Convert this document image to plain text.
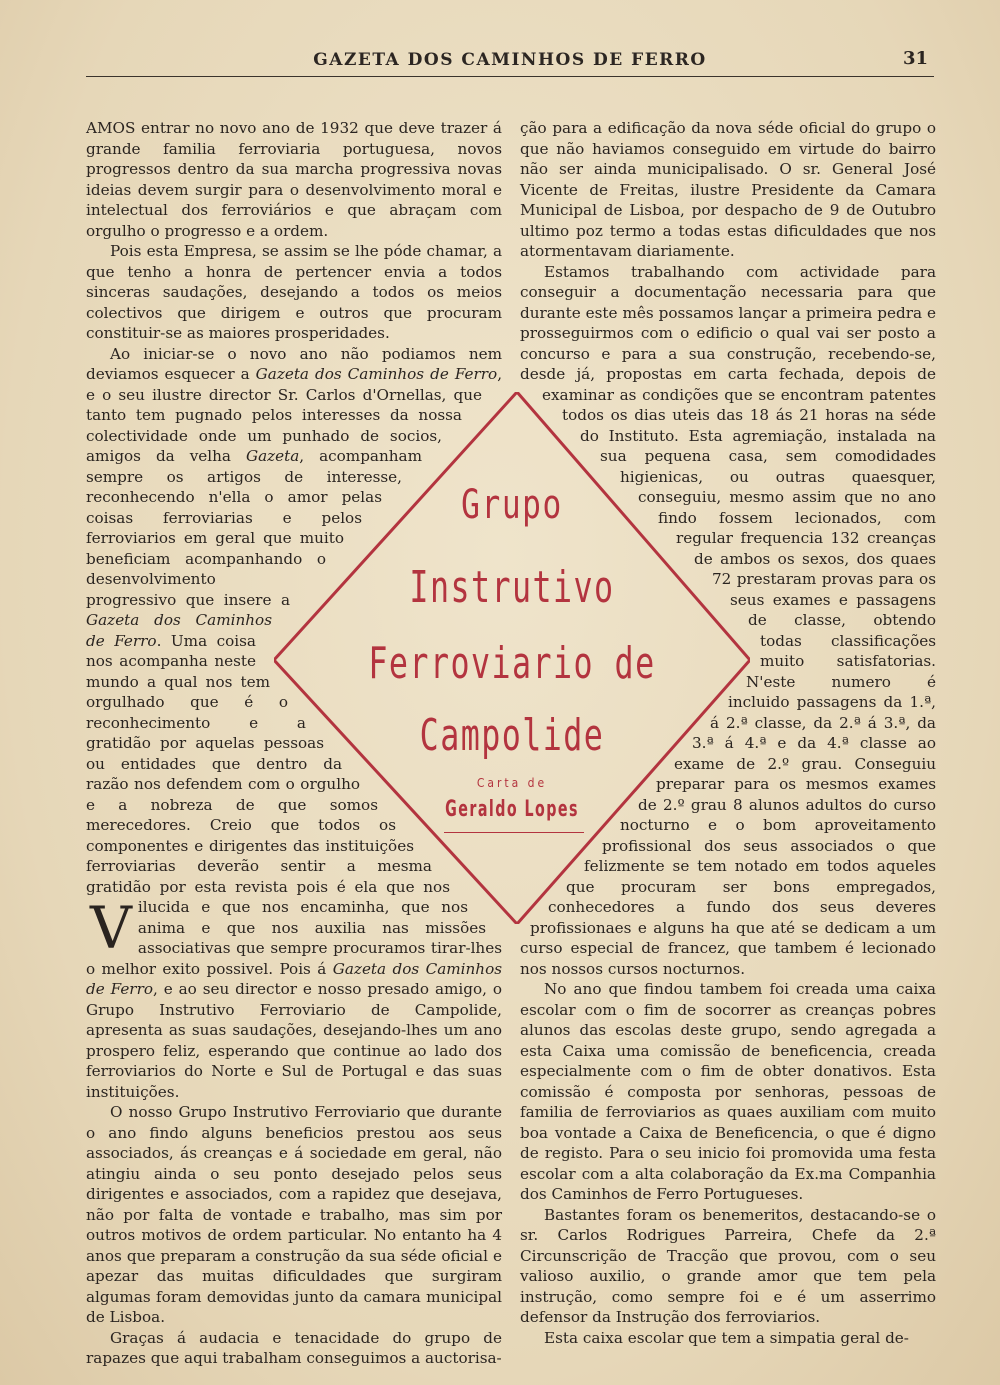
GAZETA DOS CAMINHOS DE FERRO	31

V
AMOS entrar no novo ano de 1932 que deve trazer á grande familia ferroviaria portuguesa, novos progressos dentro da sua marcha progressiva novas ideias devem surgir para o desenvolvimento moral e intelectual dos ferroviários e que abraçam com orgulho o progresso e a ordem.

Pois esta Empresa, se assim se lhe póde chamar, a que tenho a honra de pertencer envia a todos sinceras saudações, desejando a todos os meios colectivos que dirigem e outros que procuram constituir-se as maiores prosperidades.

Ao iniciar-se o novo ano não podiamos nem deviamos esquecer a Gazeta dos Caminhos de Ferro, e o seu ilustre director Sr. Carlos d'Ornellas, que tanto tem pugnado pelos interesses da nossa colectividade onde um punhado de socios, amigos da velha Gazeta, acompanham sempre os artigos de interesse, reconhecendo n'ella o amor pelas coisas ferroviarias e pelos ferroviarios em geral que muito beneficiam acompanhando o desenvolvimento progressivo que insere a Gazeta dos Caminhos de Ferro. Uma coisa nos acompanha neste mundo a qual nos tem orgulhado que é o reconhecimento e a gratidão por aquelas pessoas ou entidades que dentro da razão nos defendem com o orgulho e a nobreza de que somos merecedores. Creio que todos os componentes e dirigentes das instituições ferroviarias deverão sentir a mesma gratidão por esta revista pois é ela que nos ilucida e que nos encaminha, que nos anima e que nos auxilia nas missões associativas que sempre procuramos tirar-lhes o melhor exito possivel. Pois á Gazeta dos Caminhos de Ferro, e ao seu director e nosso presado amigo, o Grupo Instrutivo Ferroviario de Campolide, apresenta as suas saudações, desejando-lhes um ano prospero feliz, esperando que continue ao lado dos ferroviarios do Norte e Sul de Portugal e das suas instituições.

O nosso Grupo Instrutivo Ferroviario que durante o ano findo alguns beneficios prestou aos seus associados, ás creanças e á sociedade em geral, não atingiu ainda o seu ponto desejado pelos seus dirigentes e associados, com a rapidez que desejava, não por falta de vontade e trabalho, mas sim por outros motivos de ordem particular. No entanto ha 4 anos que preparam a construção da sua séde oficial e apezar das muitas dificuldades que surgiram algumas foram demovidas junto da camara municipal de Lisboa.

Graças á audacia e tenacidade do grupo de rapazes que aqui trabalham conseguimos a auctorisa-

ção para a edificação da nova séde oficial do grupo o que não haviamos conseguido em virtude do bairro não ser ainda municipalisado. O sr. General José Vicente de Freitas, ilustre Presidente da Camara Municipal de Lisboa, por despacho de 9 de Outubro ultimo poz termo a todas estas dificuldades que nos atormentavam diariamente.

Estamos trabalhando com actividade para conseguir a documentação necessaria para que durante este mês possamos lançar a primeira pedra e prosseguirmos com o edificio o qual vai ser posto a concurso e para a sua construção, recebendo-se, desde já, propostas em carta fechada, depois de examinar as condições que se encontram patentes todos os dias uteis das 18 ás 21 horas na séde do Instituto. Esta agremiação, instalada na sua pequena casa, sem comodidades higienicas, ou outras quaesquer, conseguiu, mesmo assim que no ano findo fossem lecionados, com regular frequencia 132 creanças de ambos os sexos, dos quaes 72 prestaram provas para os seus exames e passagens de classe, obtendo todas classificações muito satisfatorias. N'este numero é incluido passagens da 1.ª, á 2.ª classe, da 2.ª á 3.ª, da 3.ª á 4.ª e da 4.ª classe ao exame de 2.º grau. Conseguiu preparar para os mesmos exames de 2.º grau 8 alunos adultos do curso nocturno e o bom aproveitamento profissional dos seus associados o que felizmente se tem notado em todos aqueles que procuram ser bons empregados, conhecedores a fundo dos seus deveres profissionaes e alguns ha que até se dedicam a um curso especial de francez, que tambem é lecionado nos nossos cursos nocturnos.

No ano que findou tambem foi creada uma caixa escolar com o fim de socorrer as creanças pobres alunos das escolas deste grupo, sendo agregada a esta Caixa uma comissão de beneficencia, creada especialmente com o fim de obter donativos. Esta comissão é composta por senhoras, pessoas de familia de ferroviarios as quaes auxiliam com muito boa vontade a Caixa de Beneficencia, o que é digno de registo. Para o seu inicio foi promovida uma festa escolar com a alta colaboração da Ex.ma Companhia dos Caminhos de Ferro Portugueses.

Bastantes foram os benemeritos, destacando-se o sr. Carlos Rodrigues Parreira, Chefe da 2.ª Circunscrição de Tracção que provou, com o seu valioso auxilio, o grande amor que tem pela instrução, como sempre foi e é um asserrimo defensor da Instrução dos ferroviarios.

Esta caixa escolar que tem a simpatia geral de-

Grupo
Instrutivo
Ferroviario de
Campolide
Carta de
Geraldo Lopes
